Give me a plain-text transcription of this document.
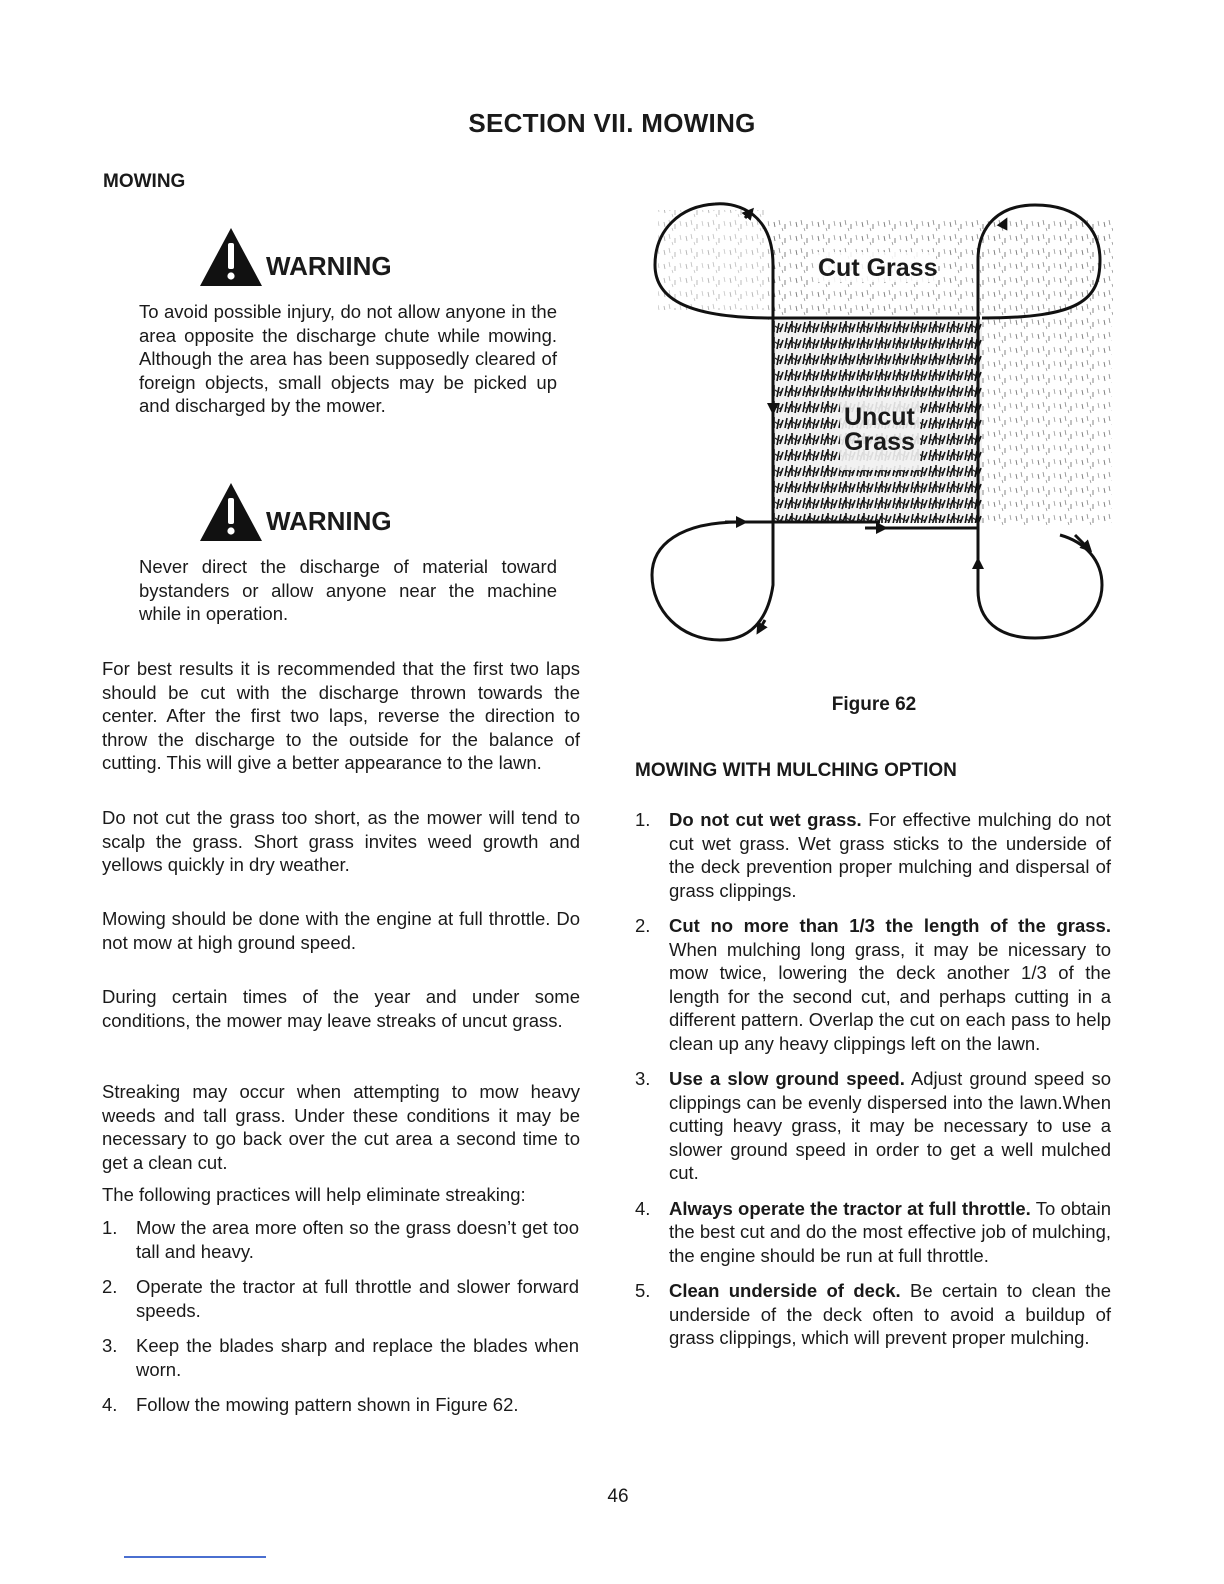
SECTION VII. MOWING
MOWING
WARNING
To avoid possible injury, do not allow anyone in the area opposite the discharge chute while mowing. Although the area has been supposedly cleared of foreign objects, small objects may be picked up and discharged by the mower.
WARNING
Never direct the discharge of material toward bystanders or allow anyone near the machine while in operation.
For best results it is recommended that the first two laps should be cut with the discharge thrown towards the center. After the first two laps, reverse the direction to throw the discharge to the outside for the balance of cutting. This will give a better appearance to the lawn.
Do not cut the grass too short, as the mower will tend to scalp the grass. Short grass invites weed growth and yellows quickly in dry weather.
Mowing should be done with the engine at full throttle. Do not mow at high ground speed.
During certain times of the year and under some conditions, the mower may leave streaks of uncut grass.
Streaking may occur when attempting to mow heavy weeds and tall grass. Under these conditions it may be necessary to go back over the cut area a second time to get a clean cut.
The following practices will help eliminate streaking:
1.	Mow the area more often so the grass doesn’t get too tall and heavy.
2.	Operate the tractor at full throttle and slower forward speeds.
3.	Keep the blades sharp and replace the blades when worn.
4.	Follow the mowing pattern shown in Figure 62.
Cut Grass
Uncut
Grass
Figure 62
MOWING WITH MULCHING OPTION
1.	Do not cut wet grass. For effective mulching do not cut wet grass. Wet grass sticks to the underside of the deck prevention proper mulching and dispersal of grass clippings.
2.	Cut no more than 1/3 the length of the grass. When mulching long grass, it may be nicessary to mow twice, lowering the deck another 1/3 of the length for the second cut, and perhaps cutting in a different pattern. Overlap the cut on each pass to help clean up any heavy clippings left on the lawn.
3.	Use a slow ground speed. Adjust ground speed so clippings can be evenly dispersed into the lawn.When cutting heavy grass, it may be necessary to use a slower ground speed in order to get a well mulched cut.
4.	Always operate the tractor at full throttle. To obtain the best cut and do the most effective job of mulching, the engine should be run at full throttle.
5.	Clean underside of deck. Be certain to clean the underside of the deck often to avoid a buildup of grass clippings, which will prevent proper mulching.
46
